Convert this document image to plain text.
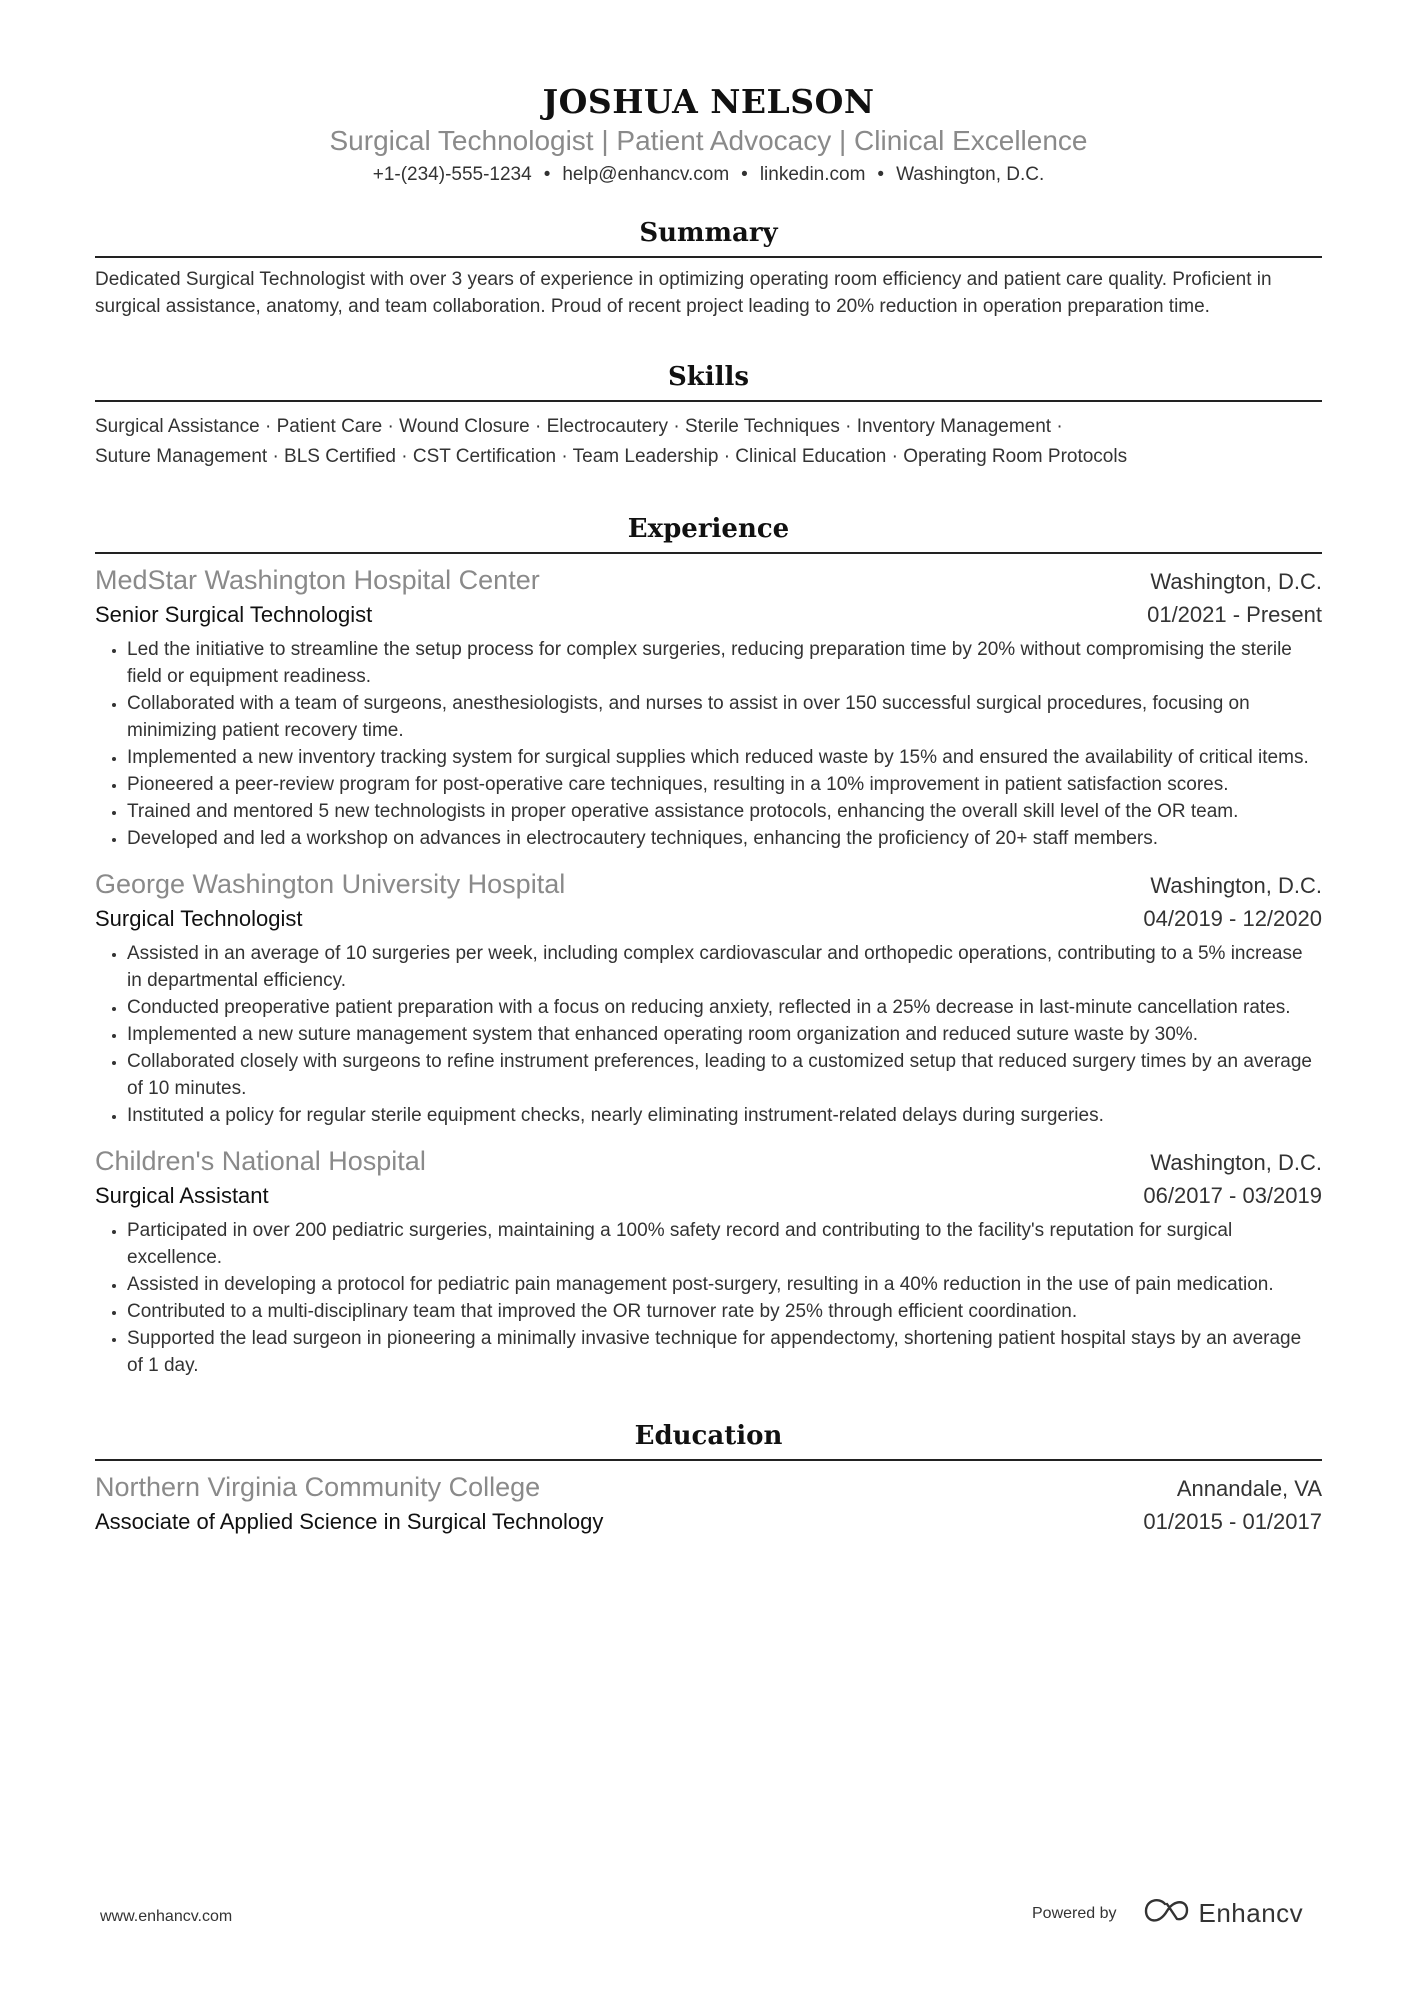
JOSHUA NELSON
Surgical Technologist | Patient Advocacy | Clinical Excellence
+1-(234)-555-1234 • help@enhancv.com • linkedin.com • Washington, D.C.
Summary
Dedicated Surgical Technologist with over 3 years of experience in optimizing operating room efficiency and patient care quality. Proficient in surgical assistance, anatomy, and team collaboration. Proud of recent project leading to 20% reduction in operation preparation time.
Skills
Surgical Assistance · Patient Care · Wound Closure · Electrocautery · Sterile Techniques · Inventory Management ·
Suture Management · BLS Certified · CST Certification · Team Leadership · Clinical Education · Operating Room Protocols
Experience
MedStar Washington Hospital Center	Washington, D.C.
Senior Surgical Technologist	01/2021 - Present
• Led the initiative to streamline the setup process for complex surgeries, reducing preparation time by 20% without compromising the sterile field or equipment readiness.
• Collaborated with a team of surgeons, anesthesiologists, and nurses to assist in over 150 successful surgical procedures, focusing on minimizing patient recovery time.
• Implemented a new inventory tracking system for surgical supplies which reduced waste by 15% and ensured the availability of critical items.
• Pioneered a peer-review program for post-operative care techniques, resulting in a 10% improvement in patient satisfaction scores.
• Trained and mentored 5 new technologists in proper operative assistance protocols, enhancing the overall skill level of the OR team.
• Developed and led a workshop on advances in electrocautery techniques, enhancing the proficiency of 20+ staff members.
George Washington University Hospital	Washington, D.C.
Surgical Technologist	04/2019 - 12/2020
• Assisted in an average of 10 surgeries per week, including complex cardiovascular and orthopedic operations, contributing to a 5% increase in departmental efficiency.
• Conducted preoperative patient preparation with a focus on reducing anxiety, reflected in a 25% decrease in last-minute cancellation rates.
• Implemented a new suture management system that enhanced operating room organization and reduced suture waste by 30%.
• Collaborated closely with surgeons to refine instrument preferences, leading to a customized setup that reduced surgery times by an average of 10 minutes.
• Instituted a policy for regular sterile equipment checks, nearly eliminating instrument-related delays during surgeries.
Children's National Hospital	Washington, D.C.
Surgical Assistant	06/2017 - 03/2019
• Participated in over 200 pediatric surgeries, maintaining a 100% safety record and contributing to the facility's reputation for surgical excellence.
• Assisted in developing a protocol for pediatric pain management post-surgery, resulting in a 40% reduction in the use of pain medication.
• Contributed to a multi-disciplinary team that improved the OR turnover rate by 25% through efficient coordination.
• Supported the lead surgeon in pioneering a minimally invasive technique for appendectomy, shortening patient hospital stays by an average of 1 day.
Education
Northern Virginia Community College	Annandale, VA
Associate of Applied Science in Surgical Technology	01/2015 - 01/2017
www.enhancv.com	Powered by	Enhancv
